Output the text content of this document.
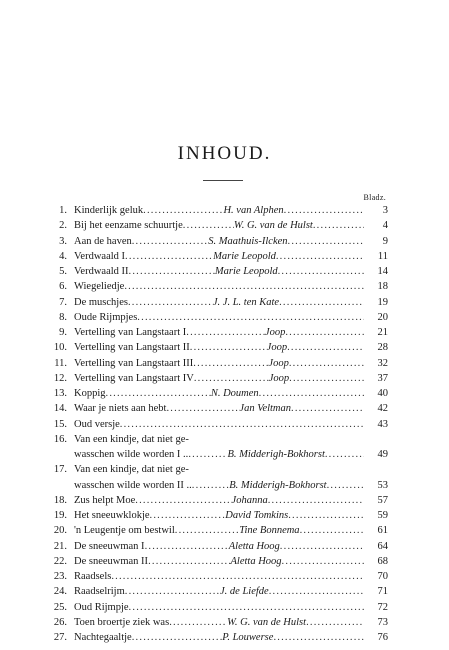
INHOUD.
Bladz.
1. Kinderlijk geluk .....	H. van Alphen .....	3
2. Bij het eenzame schuurtje .....	W. G. van de Hulst .....	4
3. Aan de haven .....	S. Maathuis-Ilcken .....	9
4. Verdwaald I .....	Marie Leopold .....	11
5. Verdwaald II .....	Marie Leopold .....	14
6. Wiegeliedje .....	18
7. De muschjes .....	J. J. L. ten Kate .....	19
8. Oude Rijmpjes .....	20
9. Vertelling van Langstaart I .....	Joop .....	21
10. Vertelling van Langstaart II .....	Joop .....	28
11. Vertelling van Langstaart III .....	Joop .....	32
12. Vertelling van Langstaart IV .....	Joop .....	37
13. Koppig .....	N. Doumen .....	40
14. Waar je niets aan hebt .....	Jan Veltman .....	42
15. Oud versje .....	43
16. Van een kindje, dat niet ge-
wasschen wilde worden I .. .....	B. Midderigh-Bokhorst .....	49
17. Van een kindje, dat niet ge-
wasschen wilde worden II .. .....	B. Midderigh-Bokhorst .....	53
18. Zus helpt Moe .....	Johanna .....	57
19. Het sneeuwklokje .....	David Tomkins .....	59
20. 'n Leugentje om bestwil .....	Tine Bonnema .....	61
21. De sneeuwman I .....	Aletta Hoog .....	64
22. De sneeuwman II .....	Aletta Hoog .....	68
23. Raadsels .....	70
24. Raadselrijm .....	J. de Liefde .....	71
25. Oud Rijmpje .....	72
26. Toen broertje ziek was .....	W. G. van de Hulst .....	73
27. Nachtegaaltje .....	P. Louwerse .....	76
